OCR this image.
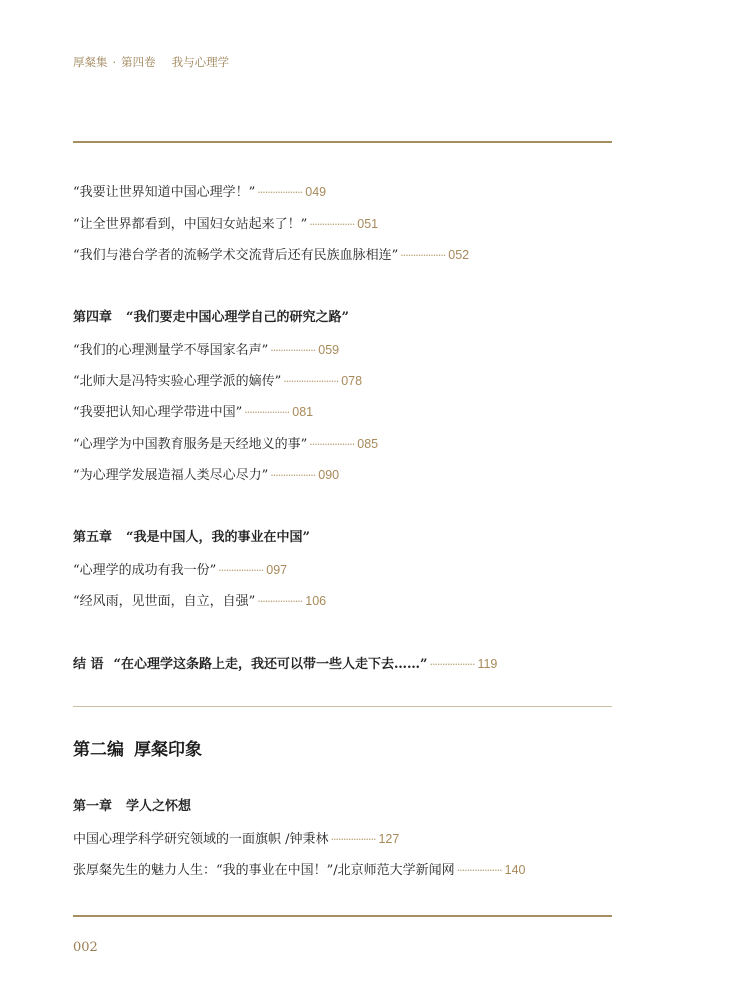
厚粲集 · 第四卷 我与心理学
“我要让世界知道中国心理学！” ·················· 049
“让全世界都看到，中国妇女站起来了！” ·················· 051
“我们与港台学者的流畅学术交流背后还有民族血脉相连” ·················· 052
第四章 “我们要走中国心理学自己的研究之路”
“我们的心理测量学不辱国家名声” ·················· 059
“北师大是冯特实验心理学派的嫡传” ······················ 078
“我要把认知心理学带进中国” ·················· 081
“心理学为中国教育服务是天经地义的事” ·················· 085
“为心理学发展造福人类尽心尽力” ·················· 090
第五章 “我是中国人，我的事业在中国”
“心理学的成功有我一份” ·················· 097
“经风雨，见世面，自立，自强” ·················· 106
结 语 “在心理学这条路上走，我还可以带一些人走下去……” ·················· 119
第二编 厚粲印象
第一章 学人之怀想
中国心理学科学研究领域的一面旗帜 /钟秉林 ·················· 127
张厚粲先生的魅力人生：“我的事业在中国！”/北京师范大学新闻网 ·················· 140
002
